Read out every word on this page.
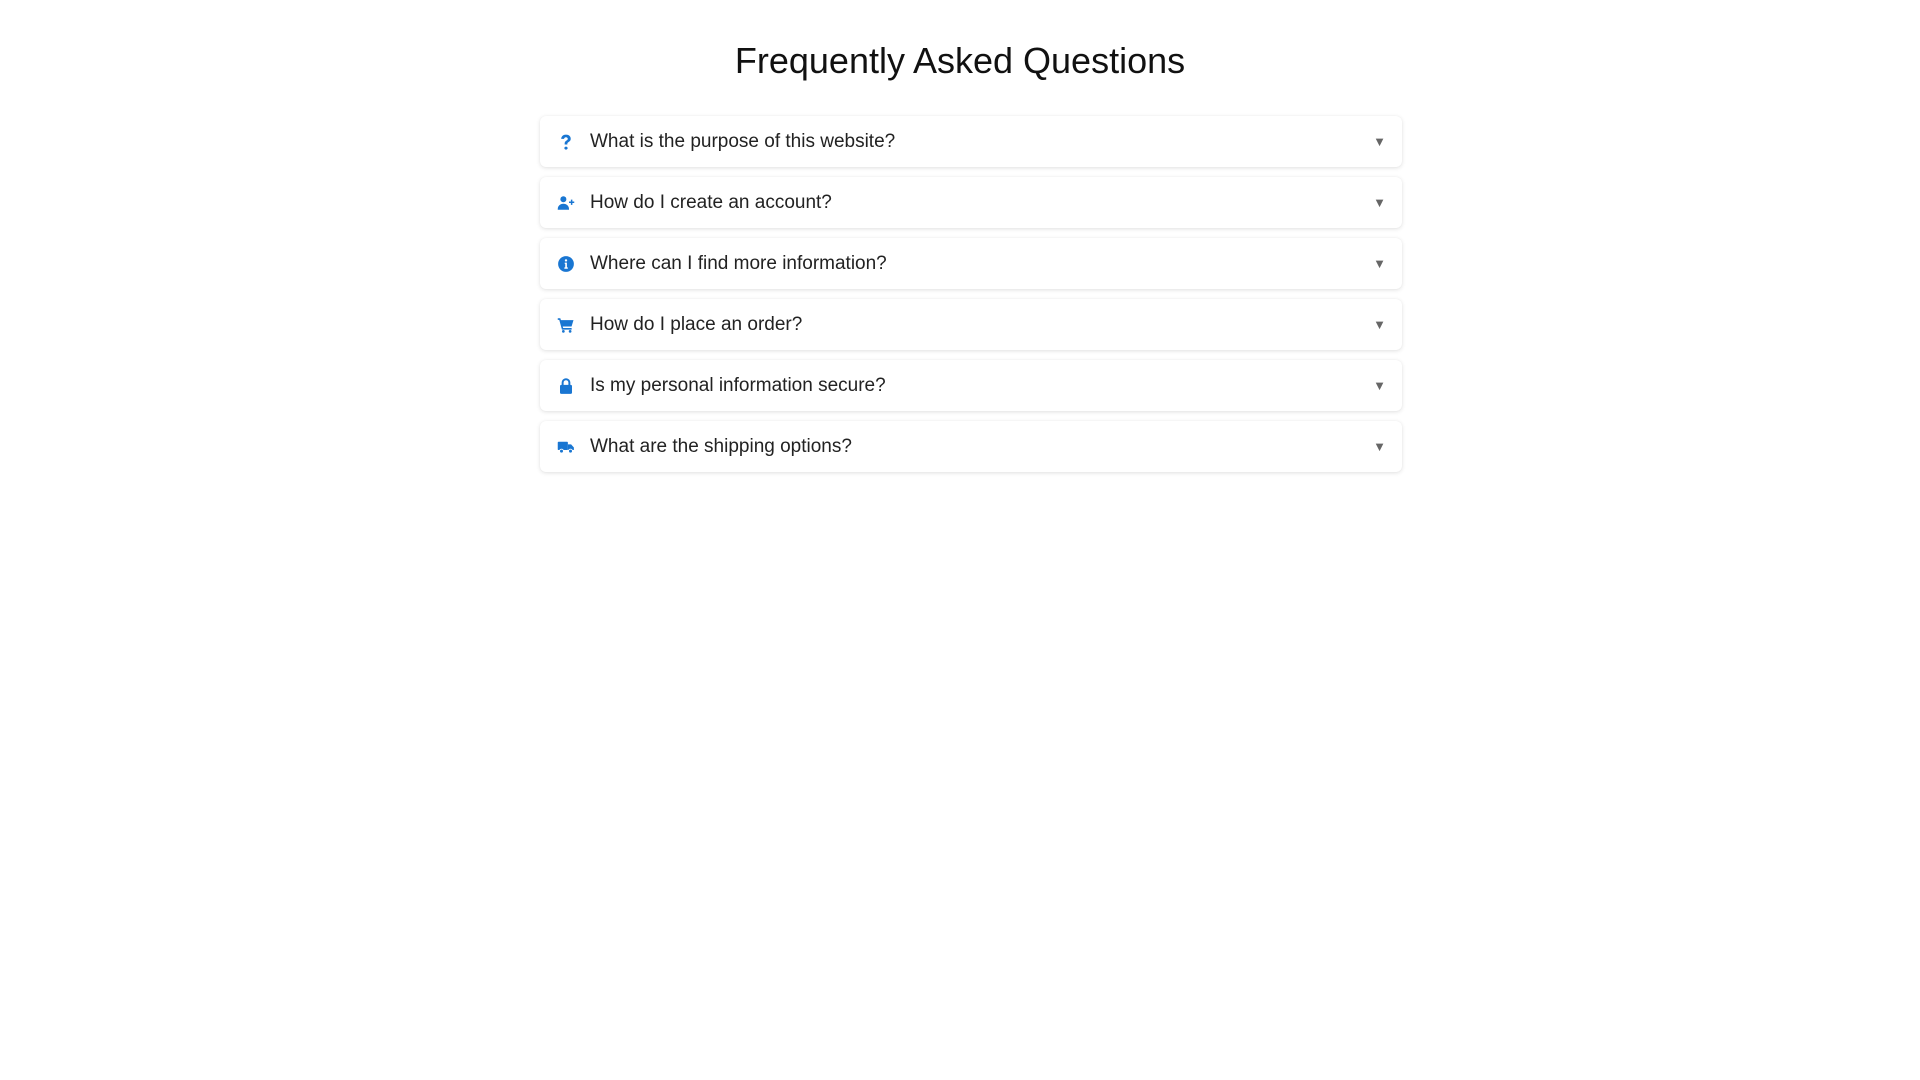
Frequently Asked Questions
What is the purpose of this website?	▼
How do I create an account?	▼
Where can I find more information?	▼
How do I place an order?	▼
Is my personal information secure?	▼
What are the shipping options?	▼
